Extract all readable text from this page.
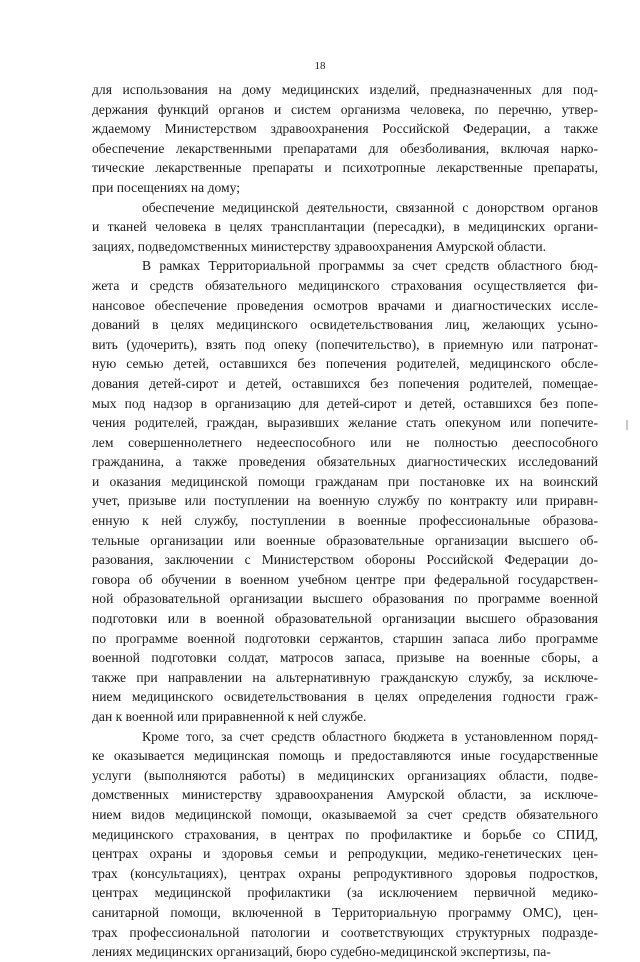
18
для использования на дому медицинских изделий, предназначенных для под-
держания функций органов и систем организма человека, по перечню, утвер-
ждаемому Министерством здравоохранения Российской Федерации, а также
обеспечение лекарственными препаратами для обезболивания, включая нарко-
тические лекарственные препараты и психотропные лекарственные препараты,
при посещениях на дому;
обеспечение медицинской деятельности, связанной с донорством органов
и тканей человека в целях трансплантации (пересадки), в медицинских органи-
зациях, подведомственных министерству здравоохранения Амурской области.
В рамках Территориальной программы за счет средств областного бюд-
жета и средств обязательного медицинского страхования осуществляется фи-
нансовое обеспечение проведения осмотров врачами и диагностических иссле-
дований в целях медицинского освидетельствования лиц, желающих усыно-
вить (удочерить), взять под опеку (попечительство), в приемную или патронат-
ную семью детей, оставшихся без попечения родителей, медицинского обсле-
дования детей-сирот и детей, оставшихся без попечения родителей, помещае-
мых под надзор в организацию для детей-сирот и детей, оставшихся без попе-
чения родителей, граждан, выразивших желание стать опекуном или попечите-
лем совершеннолетнего недееспособного или не полностью дееспособного
гражданина, а также проведения обязательных диагностических исследований
и оказания медицинской помощи гражданам при постановке их на воинский
учет, призыве или поступлении на военную службу по контракту или приравн-
енную к ней службу, поступлении в военные профессиональные образова-
тельные организации или военные образовательные организации высшего об-
разования, заключении с Министерством обороны Российской Федерации до-
говора об обучении в военном учебном центре при федеральной государствен-
ной образовательной организации высшего образования по программе военной
подготовки или в военной образовательной организации высшего образования
по программе военной подготовки сержантов, старшин запаса либо программе
военной подготовки солдат, матросов запаса, призыве на военные сборы, а
также при направлении на альтернативную гражданскую службу, за исключе-
нием медицинского освидетельствования в целях определения годности граж-
дан к военной или приравненной к ней службе.
Кроме того, за счет средств областного бюджета в установленном поряд-
ке оказывается медицинская помощь и предоставляются иные государственные
услуги (выполняются работы) в медицинских организациях области, подве-
домственных министерству здравоохранения Амурской области, за исключе-
нием видов медицинской помощи, оказываемой за счет средств обязательного
медицинского страхования, в центрах по профилактике и борьбе со СПИД,
центрах охраны и здоровья семьи и репродукции, медико-генетических цен-
трах (консультациях), центрах охраны репродуктивного здоровья подростков,
центрах медицинской профилактики (за исключением первичной медико-
санитарной помощи, включенной в Территориальную программу ОМС), цен-
трах профессиональной патологии и соответствующих структурных подразде-
лениях медицинских организаций, бюро судебно-медицинской экспертизы, па-
